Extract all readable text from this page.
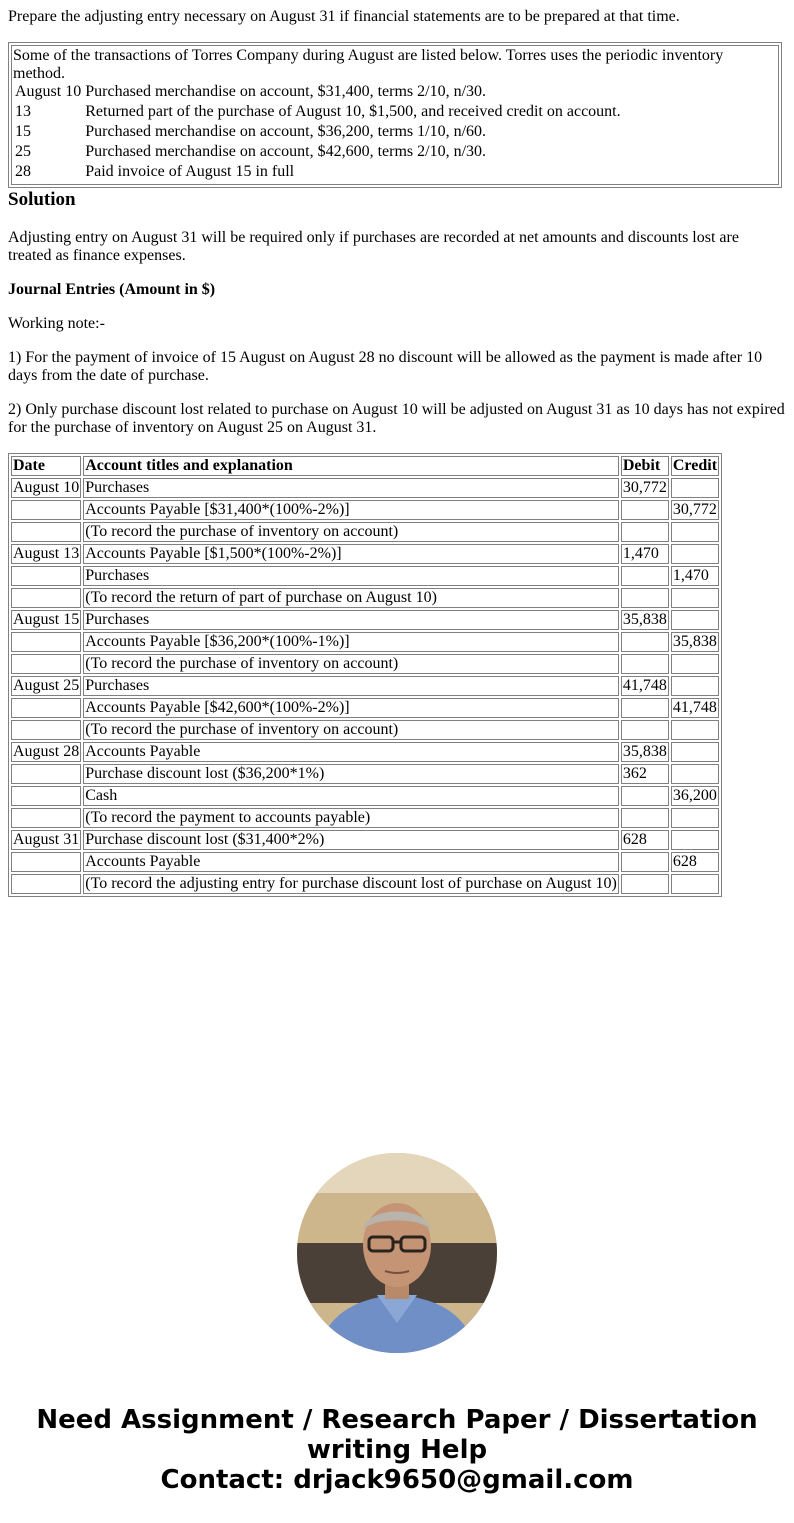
Prepare the adjusting entry necessary on August 31 if financial statements are to be prepared at that time.

Some of the transactions of Torres Company during August are listed below. Torres uses the periodic inventory method.
August 10	Purchased merchandise on account, $31,400, terms 2/10, n/30.
13	Returned part of the purchase of August 10, $1,500, and received credit on account.
15	Purchased merchandise on account, $36,200, terms 1/10, n/60.
25	Purchased merchandise on account, $42,600, terms 2/10, n/30.
28	Paid invoice of August 15 in full
Solution

Adjusting entry on August 31 will be required only if purchases are recorded at net amounts and discounts lost are treated as finance expenses.

Journal Entries (Amount in $)

Working note:-

1) For the payment of invoice of 15 August on August 28 no discount will be allowed as the payment is made after 10 days from the date of purchase.

2) Only purchase discount lost related to purchase on August 10 will be adjusted on August 31 as 10 days has not expired for the purchase of inventory on August 25 on August 31.

Date	Account titles and explanation	Debit	Credit
August 10	Purchases	30,772	
	Accounts Payable [$31,400*(100%-2%)]		30,772
	(To record the purchase of inventory on account)		
August 13	Accounts Payable [$1,500*(100%-2%)]	1,470	
	Purchases		1,470
	(To record the return of part of purchase on August 10)		
August 15	Purchases	35,838	
	Accounts Payable [$36,200*(100%-1%)]		35,838
	(To record the purchase of inventory on account)		
August 25	Purchases	41,748	
	Accounts Payable [$42,600*(100%-2%)]		41,748
	(To record the purchase of inventory on account)		
August 28	Accounts Payable	35,838	
	Purchase discount lost ($36,200*1%)	362	
	Cash		36,200
	(To record the payment to accounts payable)		
August 31	Purchase discount lost ($31,400*2%)	628	
	Accounts Payable		628
	(To record the adjusting entry for purchase discount lost of purchase on August 10)		
Need Assignment / Research Paper / Dissertation
writing Help
Contact: drjack9650@gmail.com
